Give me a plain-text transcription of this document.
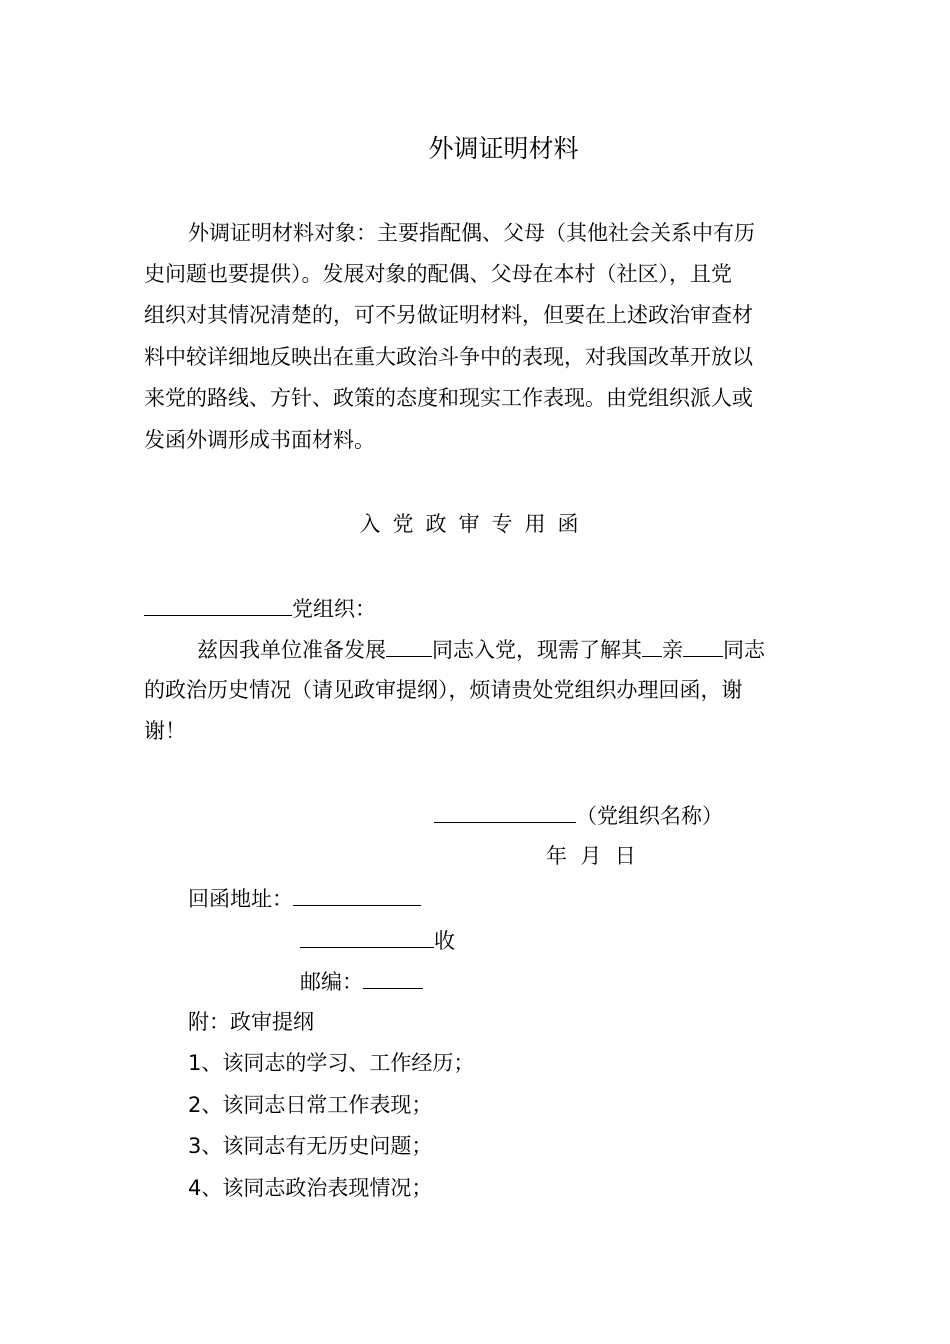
外调证明材料
外调证明材料对象：主要指配偶、父母（其他社会关系中有历
史问题也要提供）。发展对象的配偶、父母在本村（社区），且党
组织对其情况清楚的，可不另做证明材料，但要在上述政治审查材
料中较详细地反映出在重大政治斗争中的表现，对我国改革开放以
来党的路线、方针、政策的态度和现实工作表现。由党组织派人或
发函外调形成书面材料。
入党政审专用函
党组织：
兹因我单位准备发展 同志入党，现需了解其 亲 同志
的政治历史情况（请见政审提纲），烦请贵处党组织办理回函，谢
谢！
（党组织名称）
年  月  日
回函地址：
收
邮编：
附：政审提纲
1、该同志的学习、工作经历；
2、该同志日常工作表现；
3、该同志有无历史问题；
4、该同志政治表现情况；
